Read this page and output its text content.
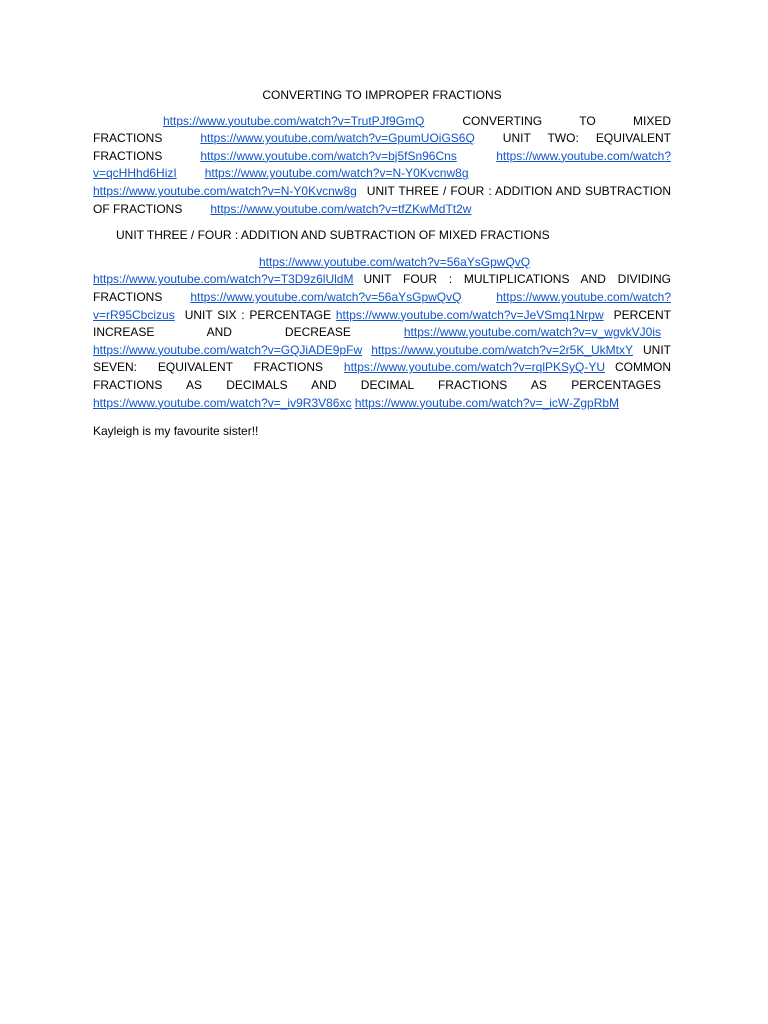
CONVERTING TO IMPROPER FRACTIONS

https://www.youtube.com/watch?v=TrutPJf9GmQ	CONVERTING TO MIXED FRACTIONS	https://www.youtube.com/watch?v=GpumUOiGS6Q UNIT TWO: EQUIVALENT FRACTIONS	https://www.youtube.com/watch?v=bj5fSn96Cns	https://www.youtube.com/watch?v=qcHHhd6HizI https://www.youtube.com/watch?v=N-Y0Kvcnw8ghttps://www.youtube.com/watch?v=N-Y0Kvcnw8g UNIT THREE / FOUR : ADDITION AND SUBTRACTION OF FRACTIONS https://www.youtube.com/watch?v=tfZKwMdTt2w

UNIT THREE / FOUR : ADDITION AND SUBTRACTION OF MIXED FRACTIONS

https://www.youtube.com/watch?v=56aYsGpwQvQ https://www.youtube.com/watch?v=T3D9z6lUldM UNIT FOUR : MULTIPLICATIONS AND DIVIDING FRACTIONS https://www.youtube.com/watch?v=56aYsGpwQvQ	https://www.youtube.com/watch?v=rR95Cbcizus UNIT SIX : PERCENTAGE https://www.youtube.com/watch?v=JeVSmq1Nrpw PERCENT INCREASE AND DECREASE	https://www.youtube.com/watch?v=v_wgvkVJ0ishttps://www.youtube.com/watch?v=GQJiADE9pFw https://www.youtube.com/watch?v=2r5K_UkMtxY UNIT SEVEN: EQUIVALENT FRACTIONS https://www.youtube.com/watch?v=rqlPKSyQ-YU COMMON FRACTIONS AS DECIMALS AND DECIMAL FRACTIONS AS PERCENTAGEShttps://www.youtube.com/watch?v=_iv9R3V86xc https://www.youtube.com/watch?v=_icW-ZgpRbM

Kayleigh is my favourite sister!!
